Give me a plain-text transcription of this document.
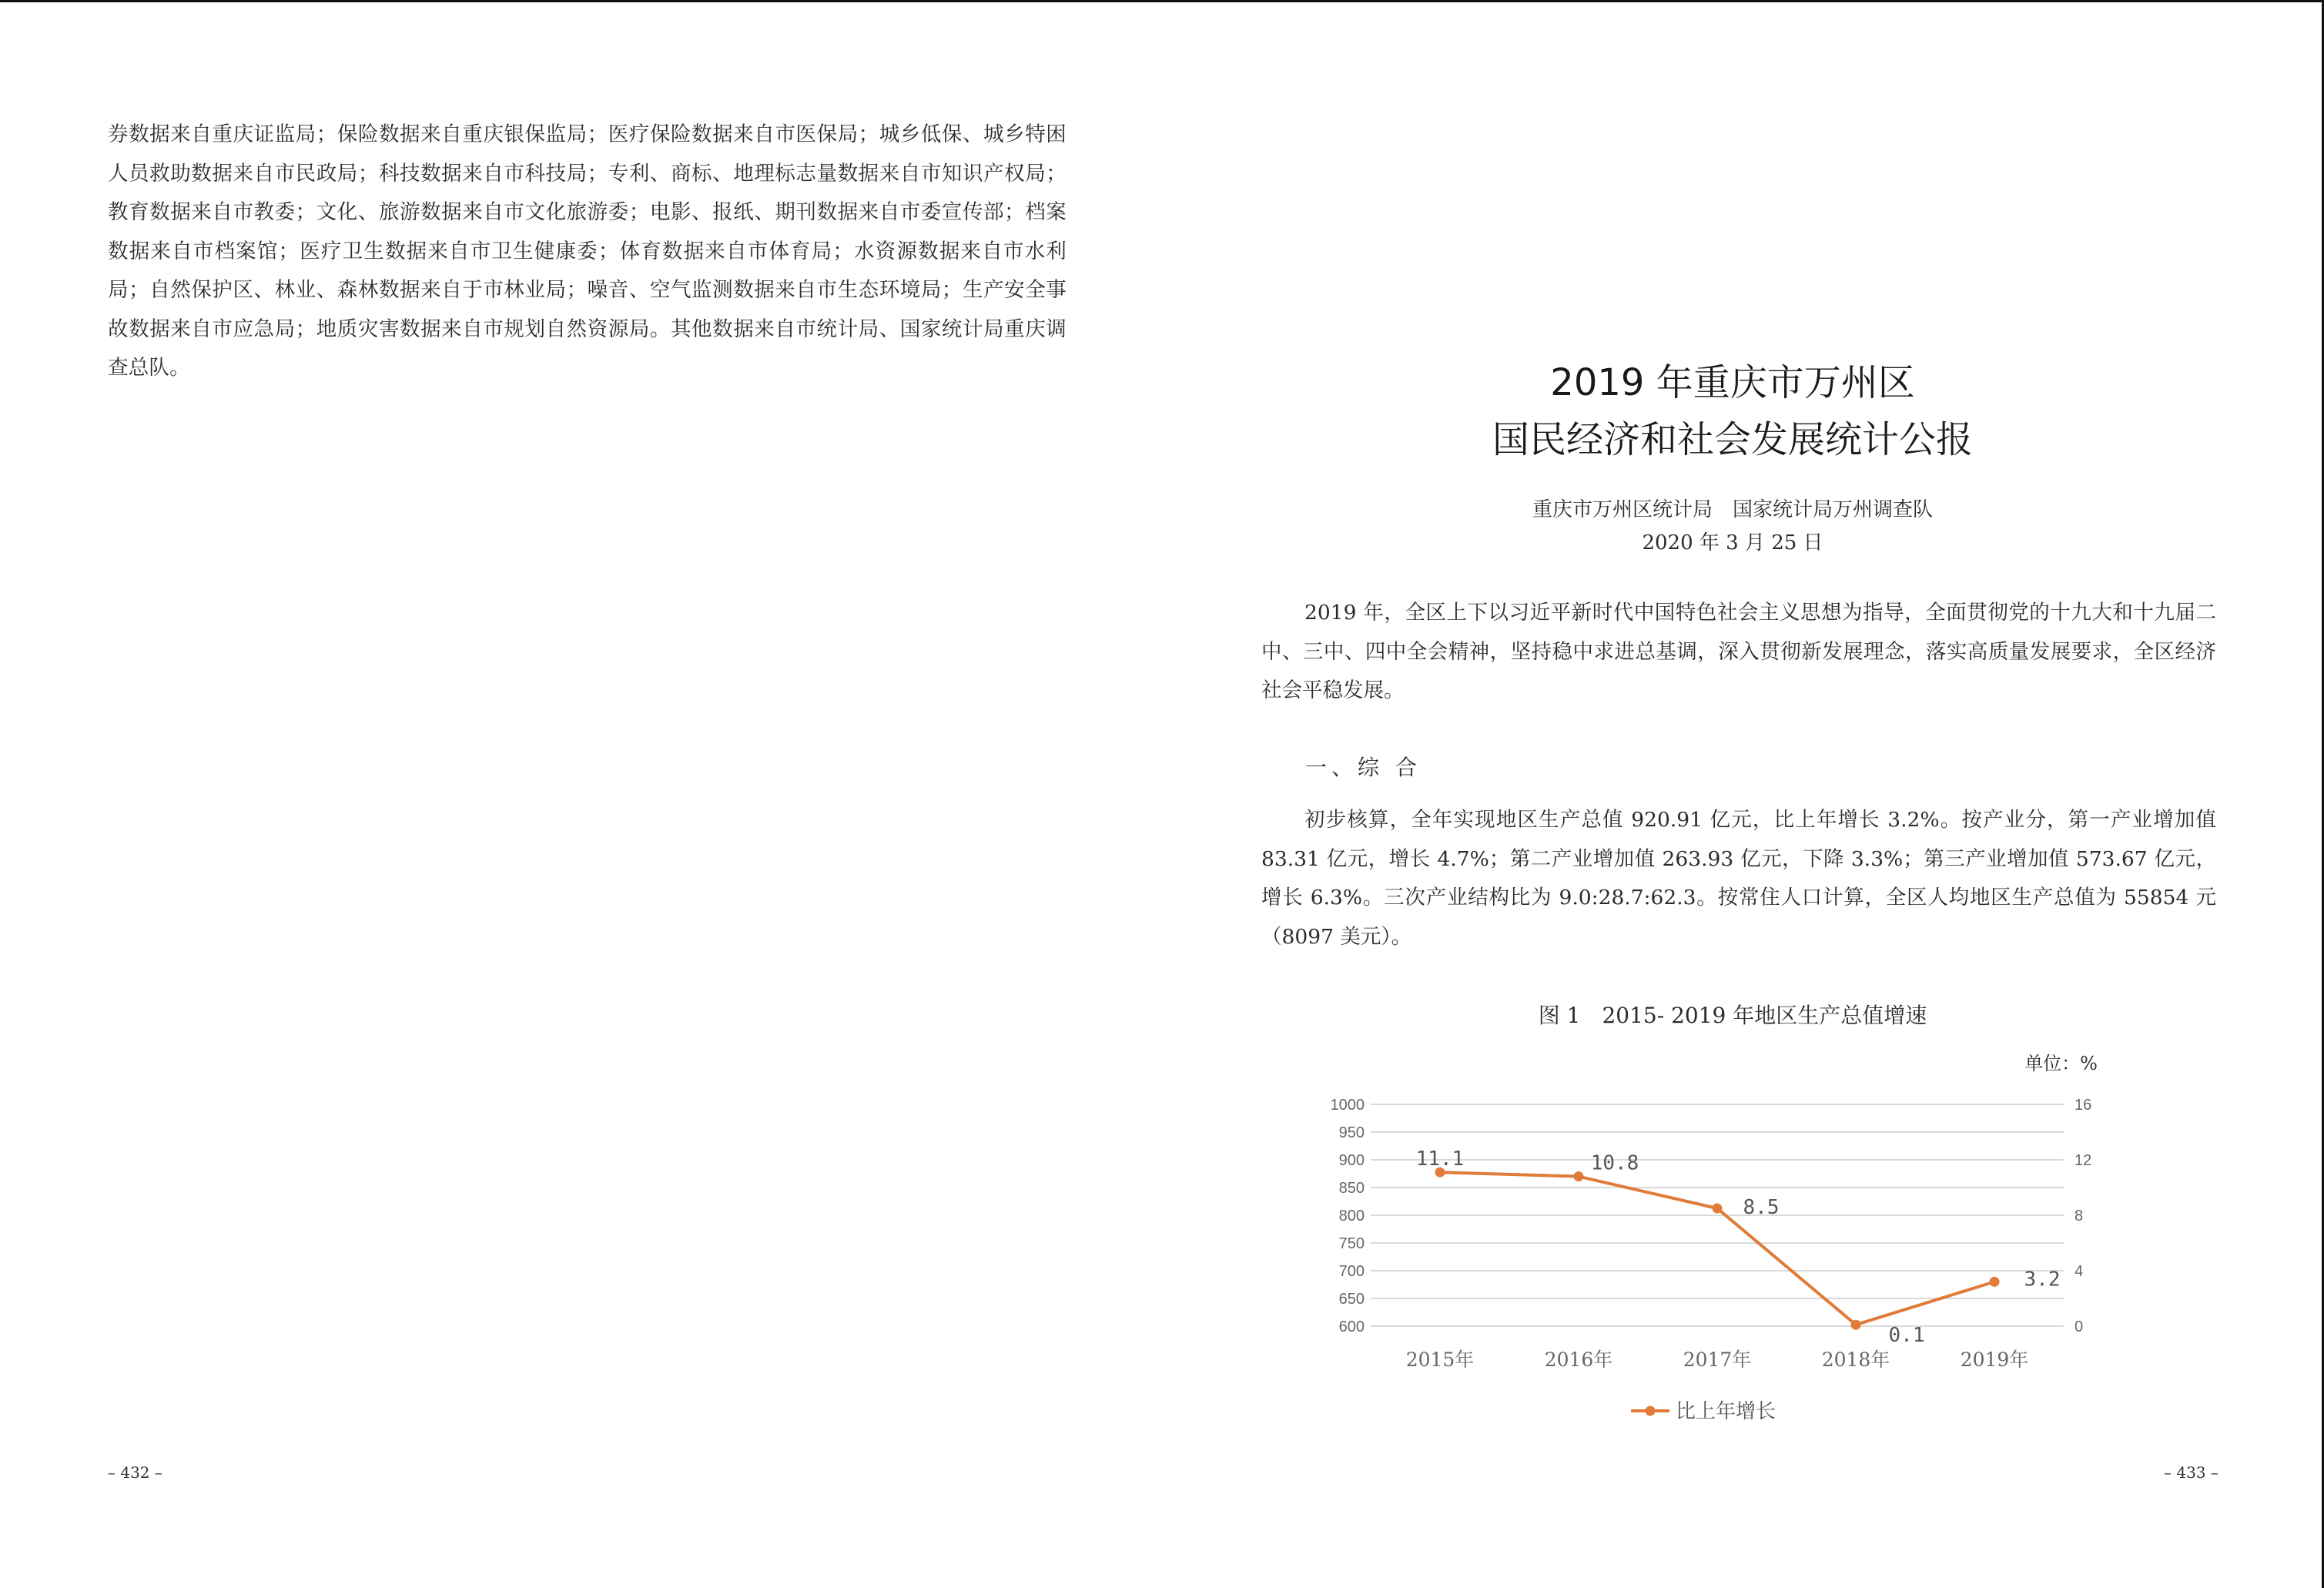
券数据来自重庆证监局；保险数据来自重庆银保监局；医疗保险数据来自市医保局；城乡低保、城乡特困人员救助数据来自市民政局；科技数据来自市科技局；专利、商标、地理标志量数据来自市知识产权局；教育数据来自市教委；文化、旅游数据来自市文化旅游委；电影、报纸、期刊数据来自市委宣传部；档案数据来自市档案馆；医疗卫生数据来自市卫生健康委；体育数据来自市体育局；水资源数据来自市水利局；自然保护区、林业、森林数据来自于市林业局；噪音、空气监测数据来自市生态环境局；生产安全事故数据来自市应急局；地质灾害数据来自市规划自然资源局。其他数据来自市统计局、国家统计局重庆调查总队。	2019 年重庆市万州区
国民经济和社会发展统计公报
重庆市万州区统计局　国家统计局万州调查队
2020 年 3 月 25 日

2019 年，全区上下以习近平新时代中国特色社会主义思想为指导，全面贯彻党的十九大和十九届二中、三中、四中全会精神，坚持稳中求进总基调，深入贯彻新发展理念，落实高质量发展要求，全区经济社会平稳发展。

一、综 合

初步核算，全年实现地区生产总值 920.91 亿元，比上年增长 3.2%。按产业分，第一产业增加值 83.31 亿元，增长 4.7%；第二产业增加值 263.93 亿元，下降 3.3%；第三产业增加值 573.67 亿元，增长 6.3%。三次产业结构比为 9.0:28.7:62.3。按常住人口计算，全区人均地区生产总值为 55854 元（8097 美元）。

图 1　2015- 2019 年地区生产总值增速
单位：%
600
650
700
750
800
850
900
950
1000
0
4
8
12
16
2015年	2016年	2017年	2018年	2019年
11.1	10.8
8.5
0.1
3.2
比上年增长
– 432 –	– 433 –
